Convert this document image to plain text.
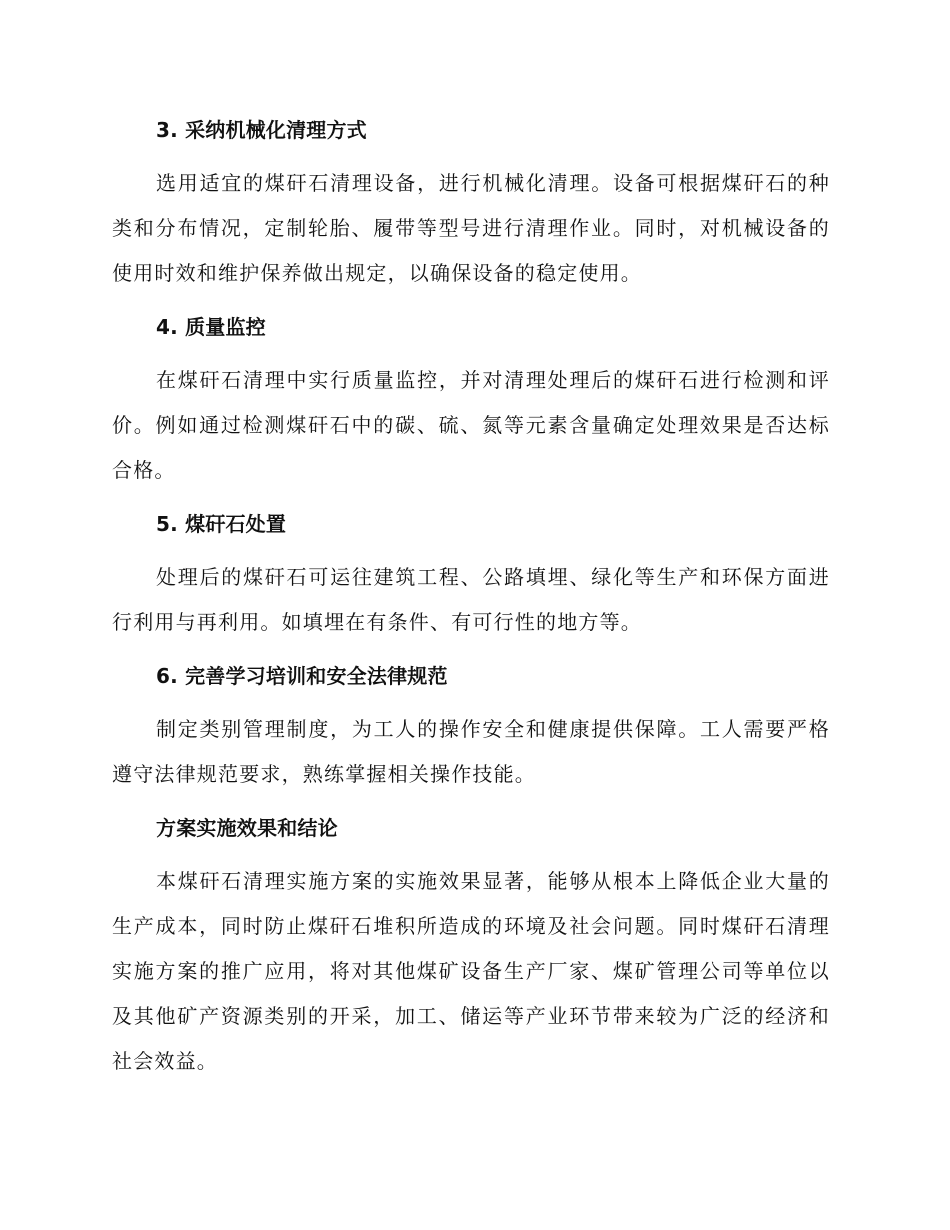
3. 采纳机械化清理方式

选用适宜的煤矸石清理设备，进行机械化清理。设备可根据煤矸石的种类和分布情况，定制轮胎、履带等型号进行清理作业。同时，对机械设备的使用时效和维护保养做出规定，以确保设备的稳定使用。

4. 质量监控

在煤矸石清理中实行质量监控，并对清理处理后的煤矸石进行检测和评价。例如通过检测煤矸石中的碳、硫、氮等元素含量确定处理效果是否达标合格。

5. 煤矸石处置

处理后的煤矸石可运往建筑工程、公路填埋、绿化等生产和环保方面进行利用与再利用。如填埋在有条件、有可行性的地方等。

6. 完善学习培训和安全法律规范

制定类别管理制度，为工人的操作安全和健康提供保障。工人需要严格遵守法律规范要求，熟练掌握相关操作技能。

方案实施效果和结论

本煤矸石清理实施方案的实施效果显著，能够从根本上降低企业大量的生产成本，同时防止煤矸石堆积所造成的环境及社会问题。同时煤矸石清理实施方案的推广应用，将对其他煤矿设备生产厂家、煤矿管理公司等单位以及其他矿产资源类别的开采，加工、储运等产业环节带来较为广泛的经济和社会效益。
